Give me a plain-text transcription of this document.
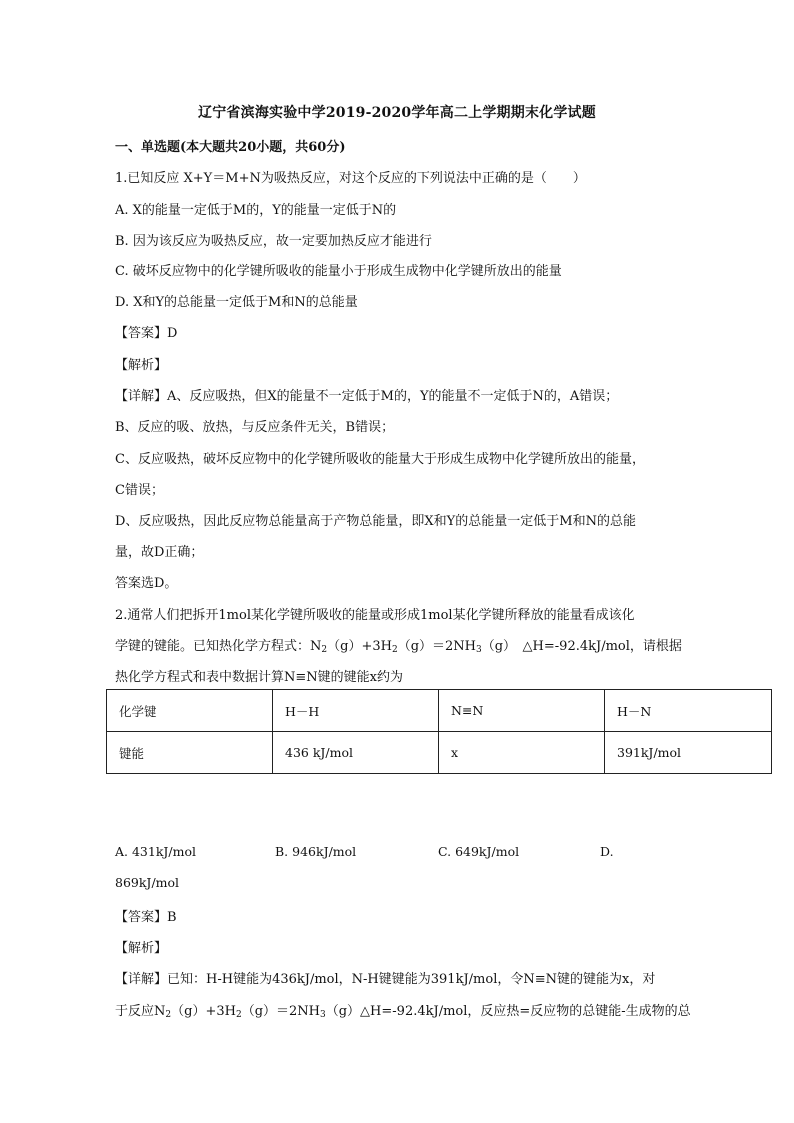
辽宁省滨海实验中学2019-2020学年高二上学期期末化学试题
一、单选题(本大题共20小题，共60分)
1.已知反应 X+Y＝M+N为吸热反应，对这个反应的下列说法中正确的是（　　）
A. X的能量一定低于M的，Y的能量一定低于N的
B. 因为该反应为吸热反应，故一定要加热反应才能进行
C. 破坏反应物中的化学键所吸收的能量小于形成生成物中化学键所放出的能量
D. X和Y的总能量一定低于M和N的总能量
【答案】D
【解析】
【详解】A、反应吸热，但X的能量不一定低于M的，Y的能量不一定低于N的，A错误；
B、反应的吸、放热，与反应条件无关，B错误；
C、反应吸热，破坏反应物中的化学键所吸收的能量大于形成生成物中化学键所放出的能量，
C错误；
D、反应吸热，因此反应物总能量高于产物总能量，即X和Y的总能量一定低于M和N的总能
量，故D正确；
答案选D。
2.通常人们把拆开1mol某化学键所吸收的能量或形成1mol某化学键所释放的能量看成该化
学键的键能。已知热化学方程式：$N_2(g)+3H_2(g)=2NH_3(g)$　△H=-92.4kJ/mol，请根据
热化学方程式和表中数据计算N≡N键的键能x约为
化学键	H－H	N≡N	H－N
键能	436 kJ/mol	x	391kJ/mol
A. 431kJ/mol	B. 946kJ/mol	C. 649kJ/mol	D.
869kJ/mol
【答案】B
【解析】
【详解】已知：H-H键能为436kJ/mol，N-H键键能为391kJ/mol，令N≡N键的键能为x，对
于反应$N_2(g)+3H_2(g)=2NH_3(g)\triangle H=-92.4kJ$/mol，反应热=反应物的总键能-生成物的总
